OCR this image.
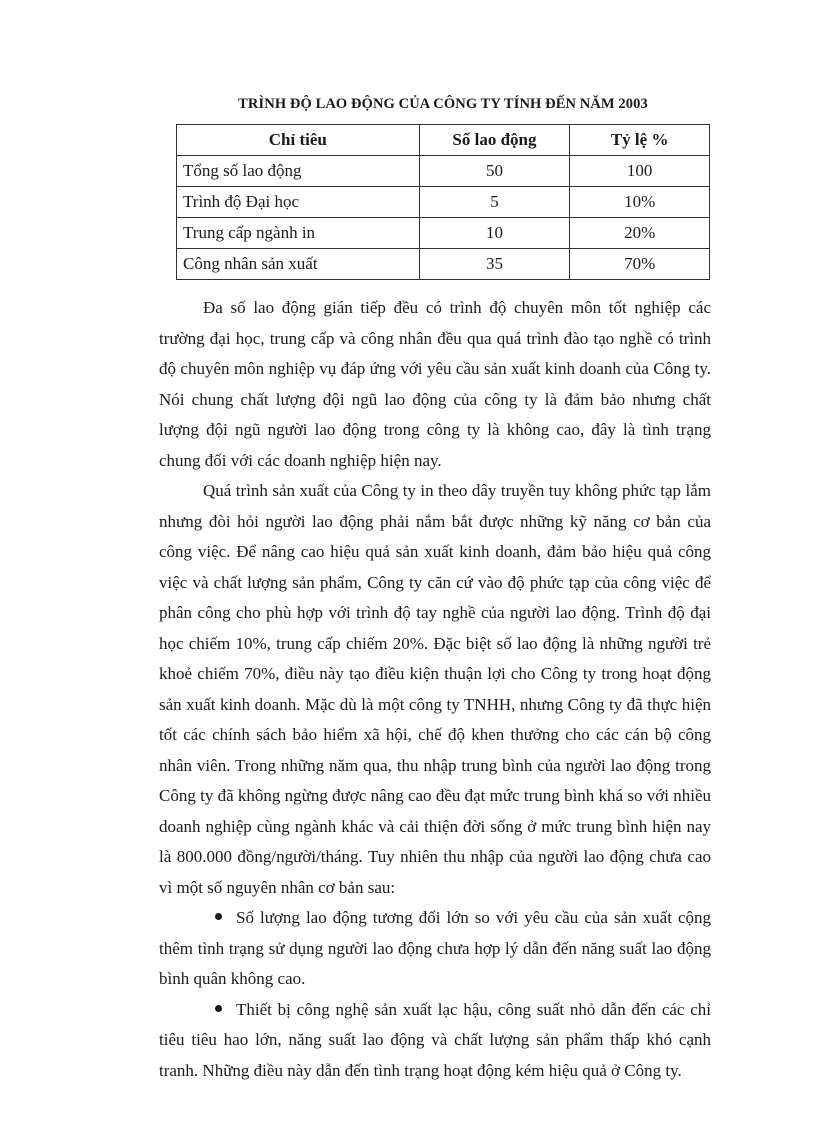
TRÌNH ĐỘ LAO ĐỘNG CỦA CÔNG TY TÍNH ĐẾN NĂM 2003
Chỉ tiêu	Số lao động	Tỷ lệ %
Tổng số lao động	50	100
Trình độ Đại học	5	10%
Trung cấp ngành in	10	20%
Công nhân sản xuất	35	70%

Đa số lao động gián tiếp đều có trình độ chuyên môn tốt nghiệp các trường đại học, trung cấp và công nhân đều qua quá trình đào tạo nghề có trình độ chuyên môn nghiệp vụ đáp ứng với yêu cầu sản xuất kinh doanh của Công ty. Nói chung chất lượng đội ngũ lao động của công ty là đảm bảo nhưng chất lượng đội ngũ người lao động trong công ty là không cao, đây là tình trạng chung đối với các doanh nghiệp hiện nay.

Quá trình sản xuất của Công ty in theo dây truyền tuy không phức tạp lắm nhưng đòi hỏi người lao động phải nắm bắt được những kỹ năng cơ bản của công việc. Để nâng cao hiệu quả sản xuất kinh doanh, đảm bảo hiệu quả công việc và chất lượng sản phẩm, Công ty căn cứ vào độ phức tạp của công việc để phân công cho phù hợp với trình độ tay nghề của người lao động. Trình độ đại học chiếm 10%, trung cấp chiếm 20%. Đặc biệt số lao động là những người trẻ khoẻ chiếm 70%, điều này tạo điều kiện thuận lợi cho Công ty trong hoạt động sản xuất kinh doanh. Mặc dù là một công ty TNHH, nhưng Công ty đã thực hiện tốt các chính sách bảo hiểm xã hội, chế độ khen thưởng cho các cán bộ công nhân viên. Trong những năm qua, thu nhập trung bình của người lao động trong Công ty đã không ngừng được nâng cao đều đạt mức trung bình khá so với nhiều doanh nghiệp cùng ngành khác và cải thiện đời sống ở mức trung bình hiện nay là 800.000 đồng/người/tháng. Tuy nhiên thu nhập của người lao động chưa cao vì một số nguyên nhân cơ bản sau:

Số lượng lao động tương đối lớn so với yêu cầu của sản xuất cộng thêm tình trạng sử dụng người lao động chưa hợp lý dẫn đến năng suất lao động bình quân không cao.

Thiết bị công nghệ sản xuất lạc hậu, công suất nhỏ dẫn đến các chỉ tiêu tiêu hao lớn, năng suất lao động và chất lượng sản phẩm thấp khó cạnh tranh. Những điều này dẫn đến tình trạng hoạt động kém hiệu quả ở Công ty.
